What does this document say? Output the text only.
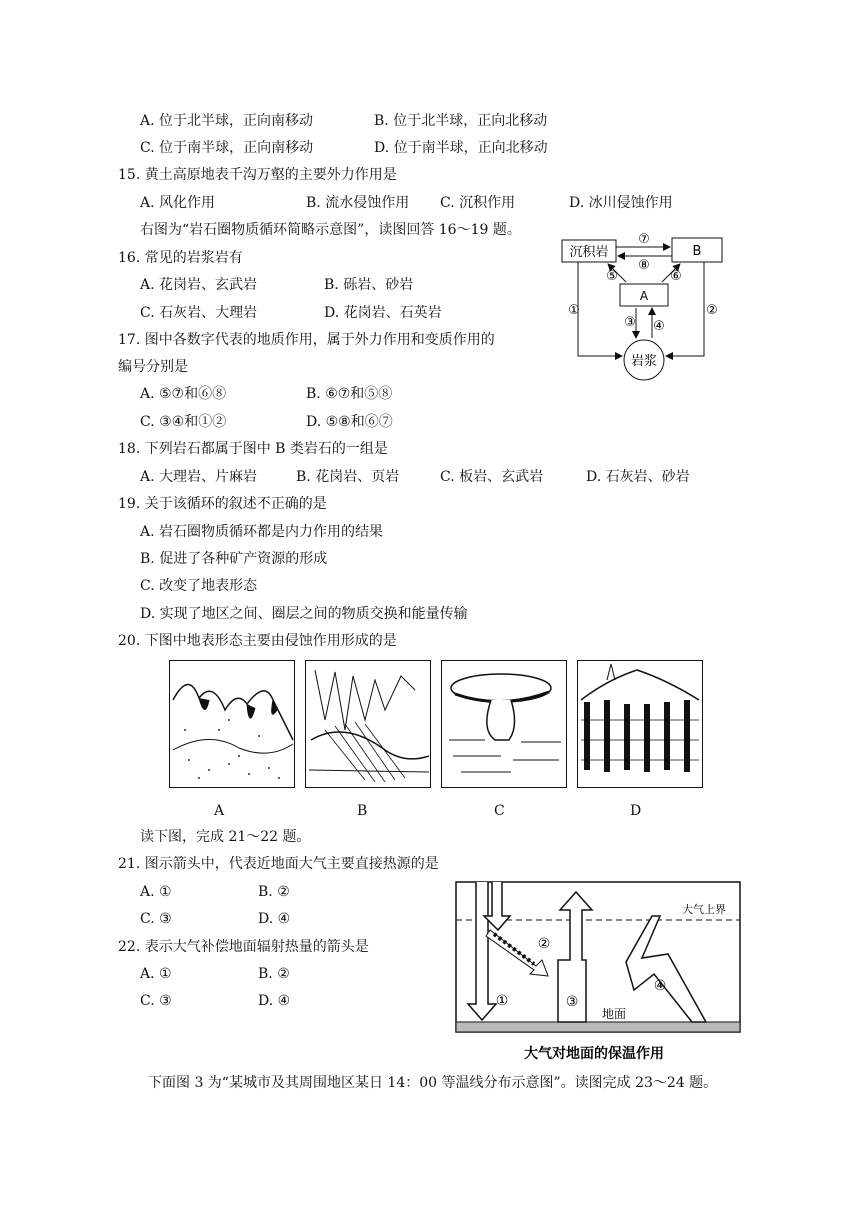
A. 位于北半球，正向南移动	B. 位于北半球，正向北移动
C. 位于南半球，正向南移动	D. 位于南半球，正向北移动
15. 黄土高原地表千沟万壑的主要外力作用是
A. 风化作用	B. 流水侵蚀作用 C. 沉积作用	D. 冰川侵蚀作用
右图为“岩石圈物质循环简略示意图”，读图回答 16～19 题。
16. 常见的岩浆岩有
A. 花岗岩、玄武岩	B. 砾岩、砂岩
C. 石灰岩、大理岩	D. 花岗岩、石英岩
17. 图中各数字代表的地质作用，属于外力作用和变质作用的
编号分别是
A. ⑤⑦和⑥⑧	B. ⑥⑦和⑤⑧
C. ③④和①②	D. ⑤⑧和⑥⑦
18. 下列岩石都属于图中 B 类岩石的一组是
A. 大理岩、片麻岩	B. 花岗岩、页岩	C. 板岩、玄武岩	D. 石灰岩、砂岩
19. 关于该循环的叙述不正确的是
A. 岩石圈物质循环都是内力作用的结果
B. 促进了各种矿产资源的形成
C. 改变了地表形态
D. 实现了地区之间、圈层之间的物质交换和能量传输
20. 下图中地表形态主要由侵蚀作用形成的是
沉积岩	B
A
岩浆
⑦
⑧
⑤	⑥
③ ④
①	②
A	B	C	D
读下图，完成 21～22 题。
21. 图示箭头中，代表近地面大气主要直接热源的是
A. ①	B. ②
C. ③	D. ④
22. 表示大气补偿地面辐射热量的箭头是
A. ①	B. ②
C. ③	D. ④	①
②
③
④
大气上界
地面
大气对地面的保温作用
下面图 3 为“某城市及其周围地区某日 14：00 等温线分布示意图”。读图完成 23～24 题。
